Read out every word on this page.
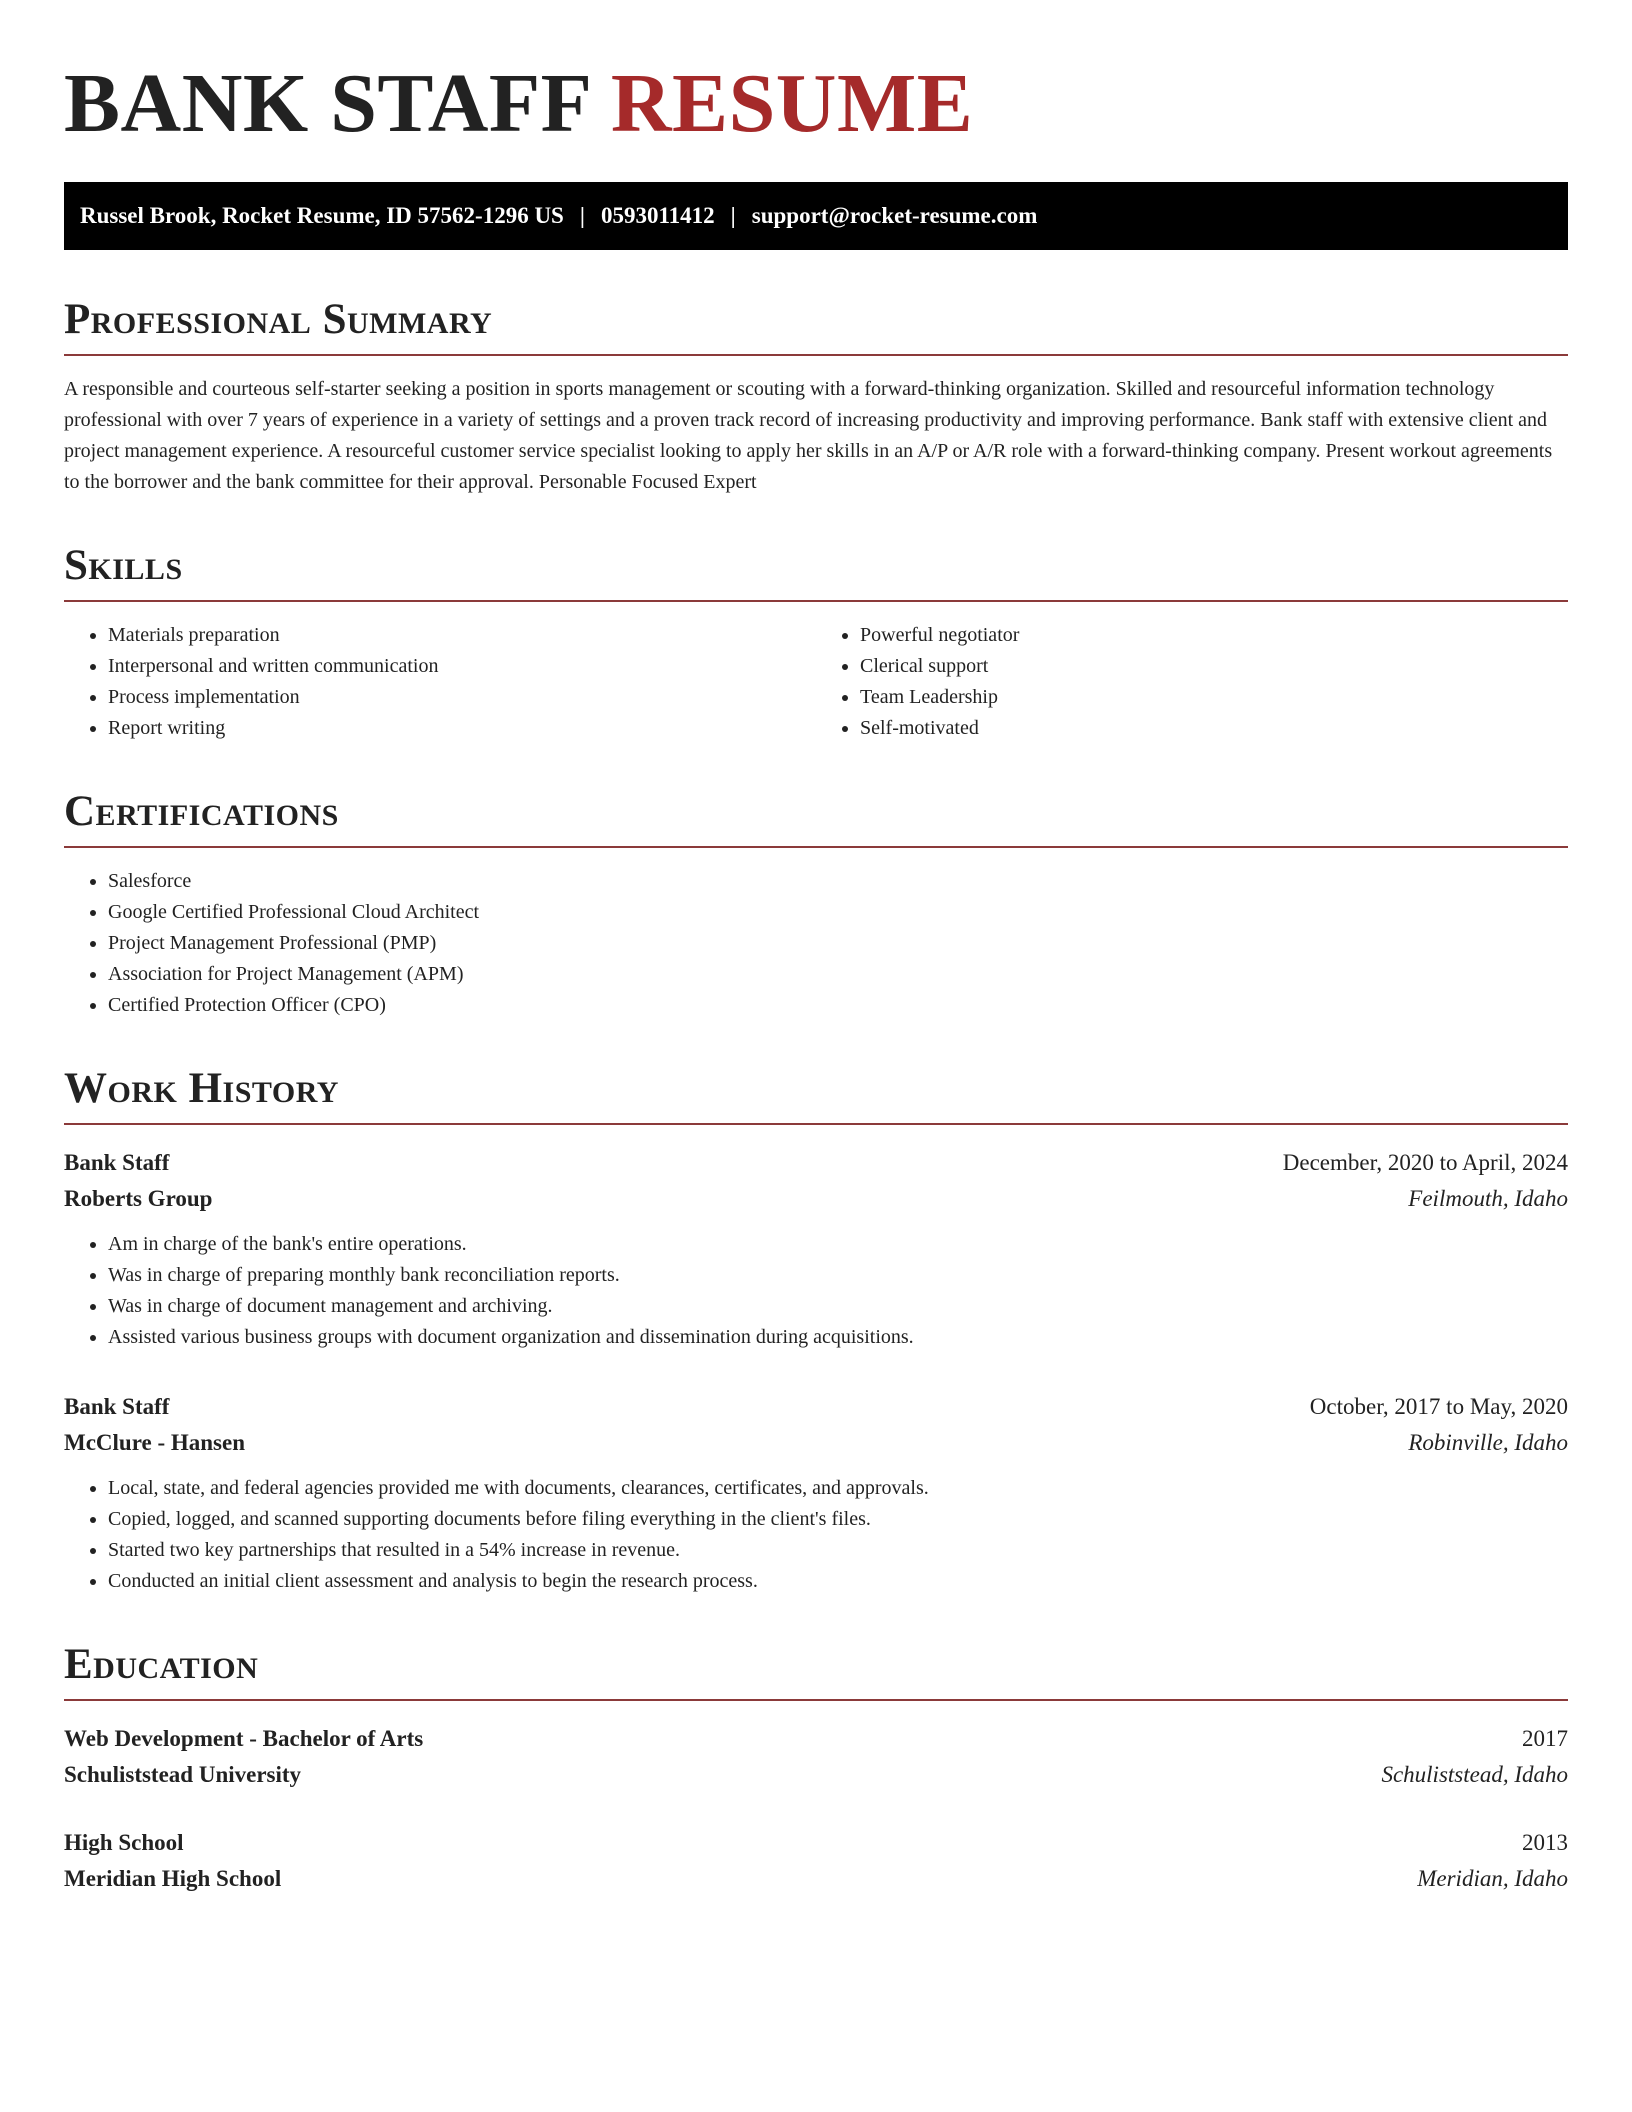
BANK STAFF RESUME
Russel Brook, Rocket Resume, ID 57562-1296 US | 0593011412 | support@rocket-resume.com
Professional Summary

A responsible and courteous self-starter seeking a position in sports management or scouting with a forward-thinking organization. Skilled and resourceful information technology professional with over 7 years of experience in a variety of settings and a proven track record of increasing productivity and improving performance. Bank staff with extensive client and project management experience. A resourceful customer service specialist looking to apply her skills in an A/P or A/R role with a forward-thinking company. Present workout agreements to the borrower and the bank committee for their approval. Personable Focused Expert

Skills
• Materials preparation
• Interpersonal and written communication
• Process implementation
• Report writing
• Powerful negotiator
• Clerical support
• Team Leadership
• Self-motivated
Certifications
• Salesforce
• Google Certified Professional Cloud Architect
• Project Management Professional (PMP)
• Association for Project Management (APM)
• Certified Protection Officer (CPO)
Work History
Bank Staff	December, 2020 to April, 2024
Roberts Group	Feilmouth, Idaho
• Am in charge of the bank's entire operations.
• Was in charge of preparing monthly bank reconciliation reports.
• Was in charge of document management and archiving.
• Assisted various business groups with document organization and dissemination during acquisitions.
Bank Staff	October, 2017 to May, 2020
McClure - Hansen	Robinville, Idaho
• Local, state, and federal agencies provided me with documents, clearances, certificates, and approvals.
• Copied, logged, and scanned supporting documents before filing everything in the client's files.
• Started two key partnerships that resulted in a 54% increase in revenue.
• Conducted an initial client assessment and analysis to begin the research process.
Education
Web Development - Bachelor of Arts	2017
Schuliststead University	Schuliststead, Idaho
High School	2013
Meridian High School	Meridian, Idaho
